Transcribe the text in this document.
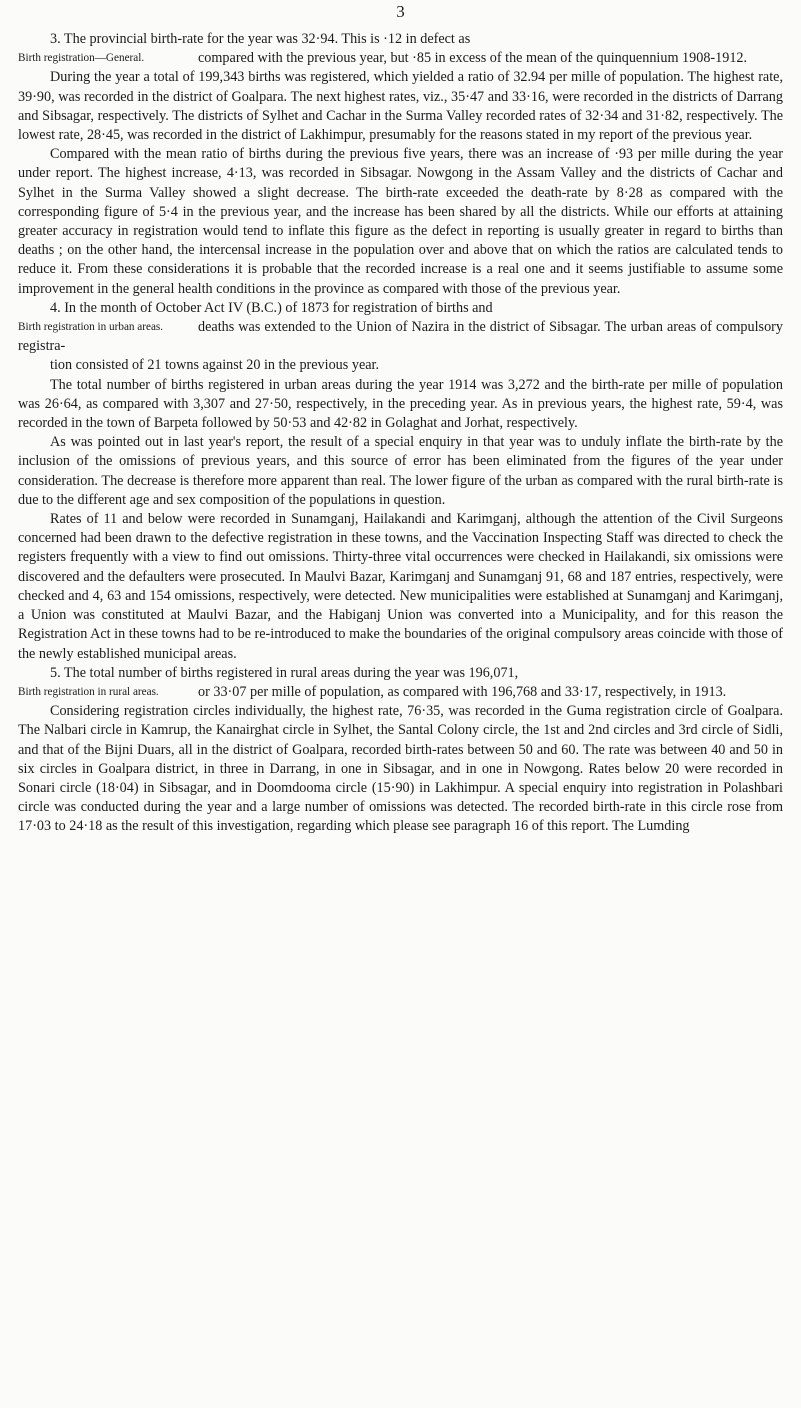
3

3. The provincial birth-rate for the year was 32·94. This is ·12 in defect as

Birth registration—General.	compared with the previous year, but ·85 in excess of the mean of the quinquennium 1908-1912.

During the year a total of 199,343 births was registered, which yielded a ratio of 32.94 per mille of population. The highest rate, 39·90, was recorded in the district of Goalpara. The next highest rates, viz., 35·47 and 33·16, were recorded in the districts of Darrang and Sibsagar, respectively. The districts of Sylhet and Cachar in the Surma Valley recorded rates of 32·34 and 31·82, respectively. The lowest rate, 28·45, was recorded in the district of Lakhimpur, presumably for the reasons stated in my report of the previous year.

Compared with the mean ratio of births during the previous five years, there was an increase of ·93 per mille during the year under report. The highest increase, 4·13, was recorded in Sibsagar. Nowgong in the Assam Valley and the districts of Cachar and Sylhet in the Surma Valley showed a slight decrease. The birth-rate exceeded the death-rate by 8·28 as compared with the corresponding figure of 5·4 in the previous year, and the increase has been shared by all the districts. While our efforts at attaining greater accuracy in registration would tend to inflate this figure as the defect in reporting is usually greater in regard to births than deaths ; on the other hand, the intercensal increase in the population over and above that on which the ratios are calculated tends to reduce it. From these considerations it is probable that the recorded increase is a real one and it seems justifiable to assume some improvement in the general health conditions in the province as compared with those of the previous year.

4. In the month of October Act IV (B.C.) of 1873 for registration of births and

Birth registration in urban areas.	deaths was extended to the Union of Nazira in the district of Sibsagar. The urban areas of compulsory registra-

tion consisted of 21 towns against 20 in the previous year.

The total number of births registered in urban areas during the year 1914 was 3,272 and the birth-rate per mille of population was 26·64, as compared with 3,307 and 27·50, respectively, in the preceding year. As in previous years, the highest rate, 59·4, was recorded in the town of Barpeta followed by 50·53 and 42·82 in Golaghat and Jorhat, respectively.

As was pointed out in last year's report, the result of a special enquiry in that year was to unduly inflate the birth-rate by the inclusion of the omissions of previous years, and this source of error has been eliminated from the figures of the year under consideration. The decrease is therefore more apparent than real. The lower figure of the urban as compared with the rural birth-rate is due to the different age and sex composition of the populations in question.

Rates of 11 and below were recorded in Sunamganj, Hailakandi and Karimganj, although the attention of the Civil Surgeons concerned had been drawn to the defective registration in these towns, and the Vaccination Inspecting Staff was directed to check the registers frequently with a view to find out omissions. Thirty-three vital occurrences were checked in Hailakandi, six omissions were discovered and the defaulters were prosecuted. In Maulvi Bazar, Karimganj and Sunamganj 91, 68 and 187 entries, respectively, were checked and 4, 63 and 154 omissions, respectively, were detected. New municipalities were established at Sunamganj and Karimganj, a Union was constituted at Maulvi Bazar, and the Habiganj Union was converted into a Municipality, and for this reason the Registration Act in these towns had to be re-introduced to make the boundaries of the original compulsory areas coincide with those of the newly established municipal areas.

5. The total number of births registered in rural areas during the year was 196,071,

Birth registration in rural areas.	or 33·07 per mille of population, as compared with 196,768 and 33·17, respectively, in 1913.

Considering registration circles individually, the highest rate, 76·35, was recorded in the Guma registration circle of Goalpara. The Nalbari circle in Kamrup, the Kanairghat circle in Sylhet, the Santal Colony circle, the 1st and 2nd circles and 3rd circle of Sidli, and that of the Bijni Duars, all in the district of Goalpara, recorded birth-rates between 50 and 60. The rate was between 40 and 50 in six circles in Goalpara district, in three in Darrang, in one in Sibsagar, and in one in Nowgong. Rates below 20 were recorded in Sonari circle (18·04) in Sibsagar, and in Doomdooma circle (15·90) in Lakhimpur. A special enquiry into registration in Polashbari circle was conducted during the year and a large number of omissions was detected. The recorded birth-rate in this circle rose from 17·03 to 24·18 as the result of this investigation, regarding which please see paragraph 16 of this report. The Lumding
